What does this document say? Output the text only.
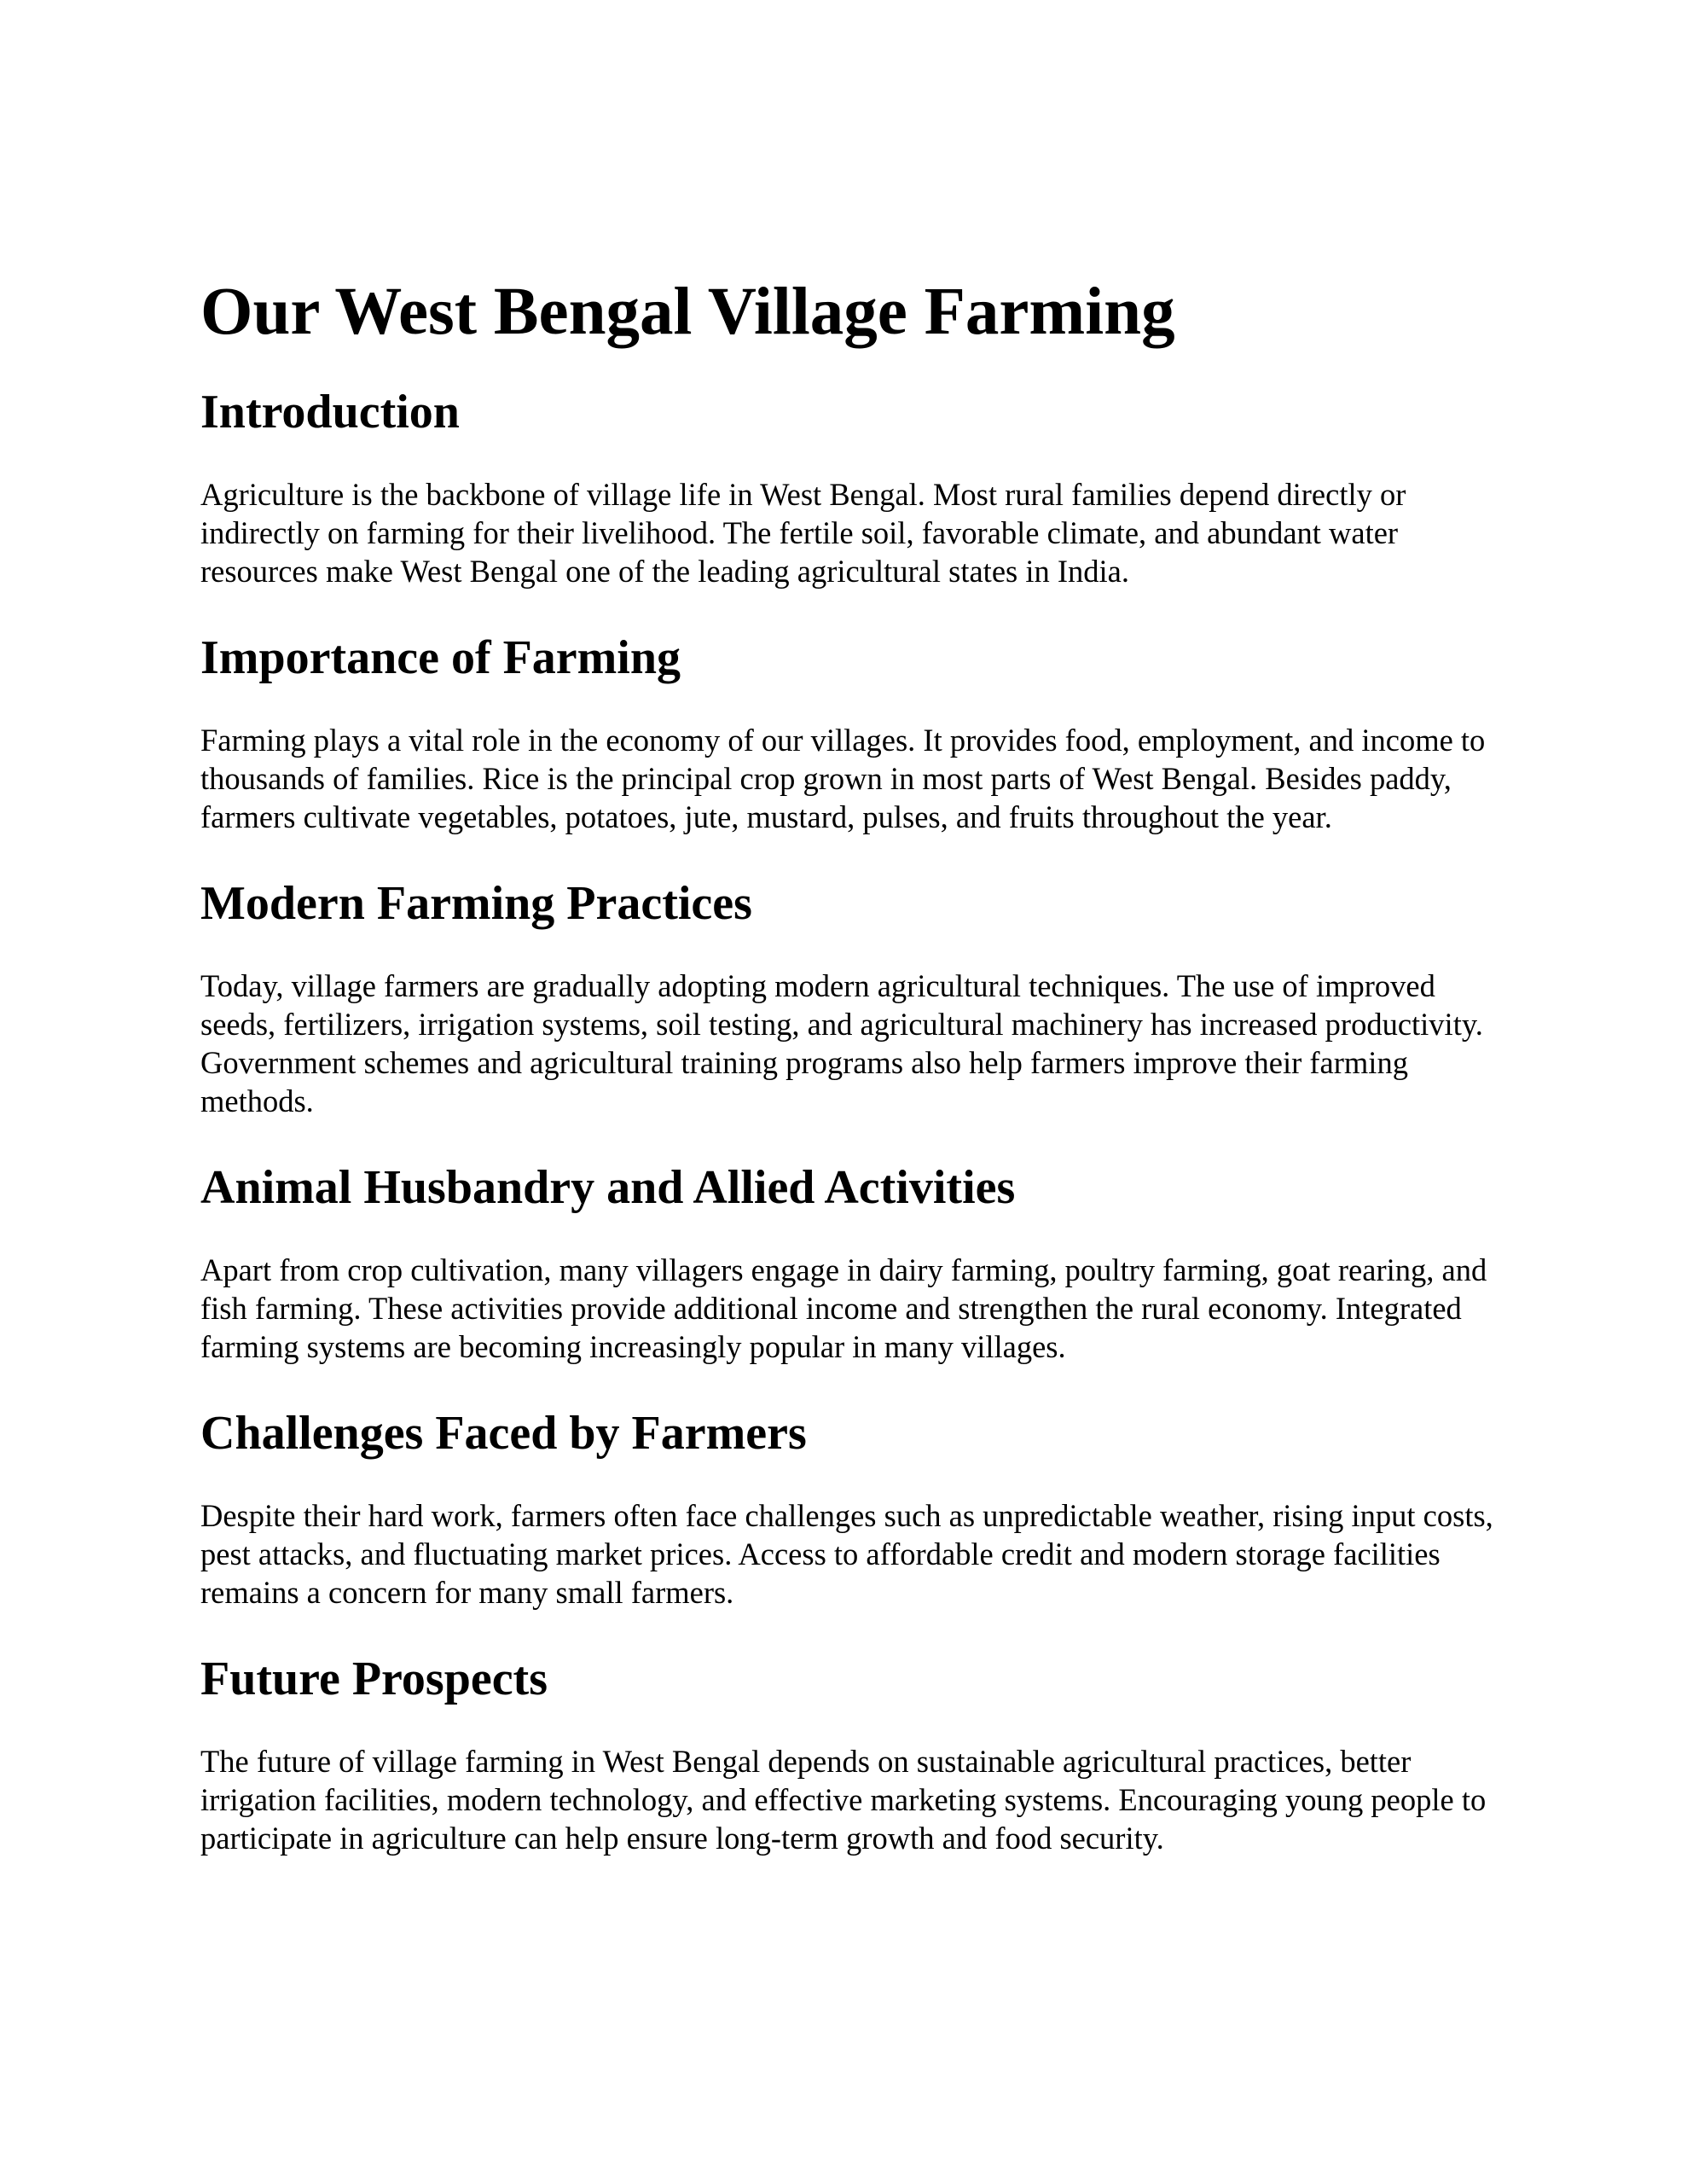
Our West Bengal Village Farming
Introduction

Agriculture is the backbone of village life in West Bengal. Most rural families depend directly or indirectly on farming for their livelihood. The fertile soil, favorable climate, and abundant water resources make West Bengal one of the leading agricultural states in India.

Importance of Farming

Farming plays a vital role in the economy of our villages. It provides food, employment, and income to thousands of families. Rice is the principal crop grown in most parts of West Bengal. Besides paddy, farmers cultivate vegetables, potatoes, jute, mustard, pulses, and fruits throughout the year.

Modern Farming Practices

Today, village farmers are gradually adopting modern agricultural techniques. The use of improved seeds, fertilizers, irrigation systems, soil testing, and agricultural machinery has increased productivity. Government schemes and agricultural training programs also help farmers improve their farming methods.

Animal Husbandry and Allied Activities

Apart from crop cultivation, many villagers engage in dairy farming, poultry farming, goat rearing, and fish farming. These activities provide additional income and strengthen the rural economy. Integrated farming systems are becoming increasingly popular in many villages.

Challenges Faced by Farmers

Despite their hard work, farmers often face challenges such as unpredictable weather, rising input costs, pest attacks, and fluctuating market prices. Access to affordable credit and modern storage facilities remains a concern for many small farmers.

Future Prospects

The future of village farming in West Bengal depends on sustainable agricultural practices, better irrigation facilities, modern technology, and effective marketing systems. Encouraging young people to participate in agriculture can help ensure long-term growth and food security.
